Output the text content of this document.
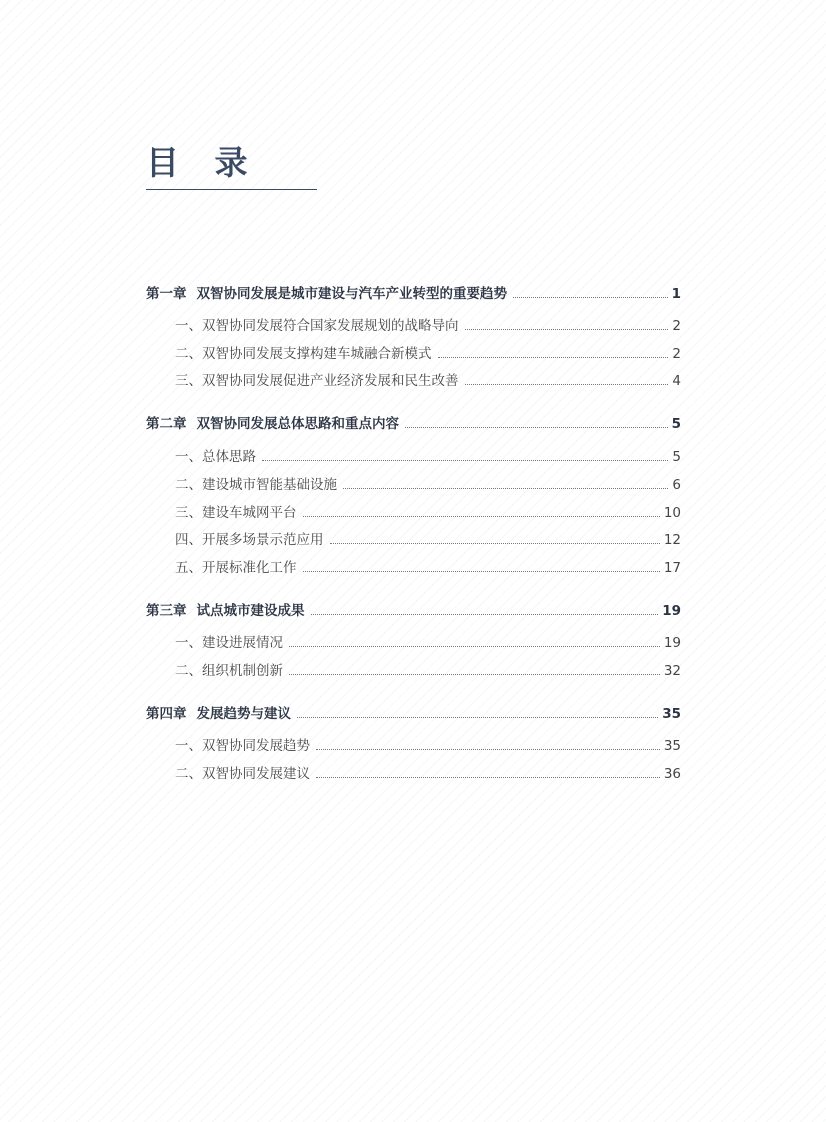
目 录
第一章 双智协同发展是城市建设与汽车产业转型的重要趋势	1
一、双智协同发展符合国家发展规划的战略导向	2
二、双智协同发展支撑构建车城融合新模式	2
三、双智协同发展促进产业经济发展和民生改善	4
第二章 双智协同发展总体思路和重点内容	5
一、总体思路	5
二、建设城市智能基础设施	6
三、建设车城网平台	10
四、开展多场景示范应用	12
五、开展标准化工作	17
第三章 试点城市建设成果	19
一、建设进展情况	19
二、组织机制创新	32
第四章 发展趋势与建议	35
一、双智协同发展趋势	35
二、双智协同发展建议	36
